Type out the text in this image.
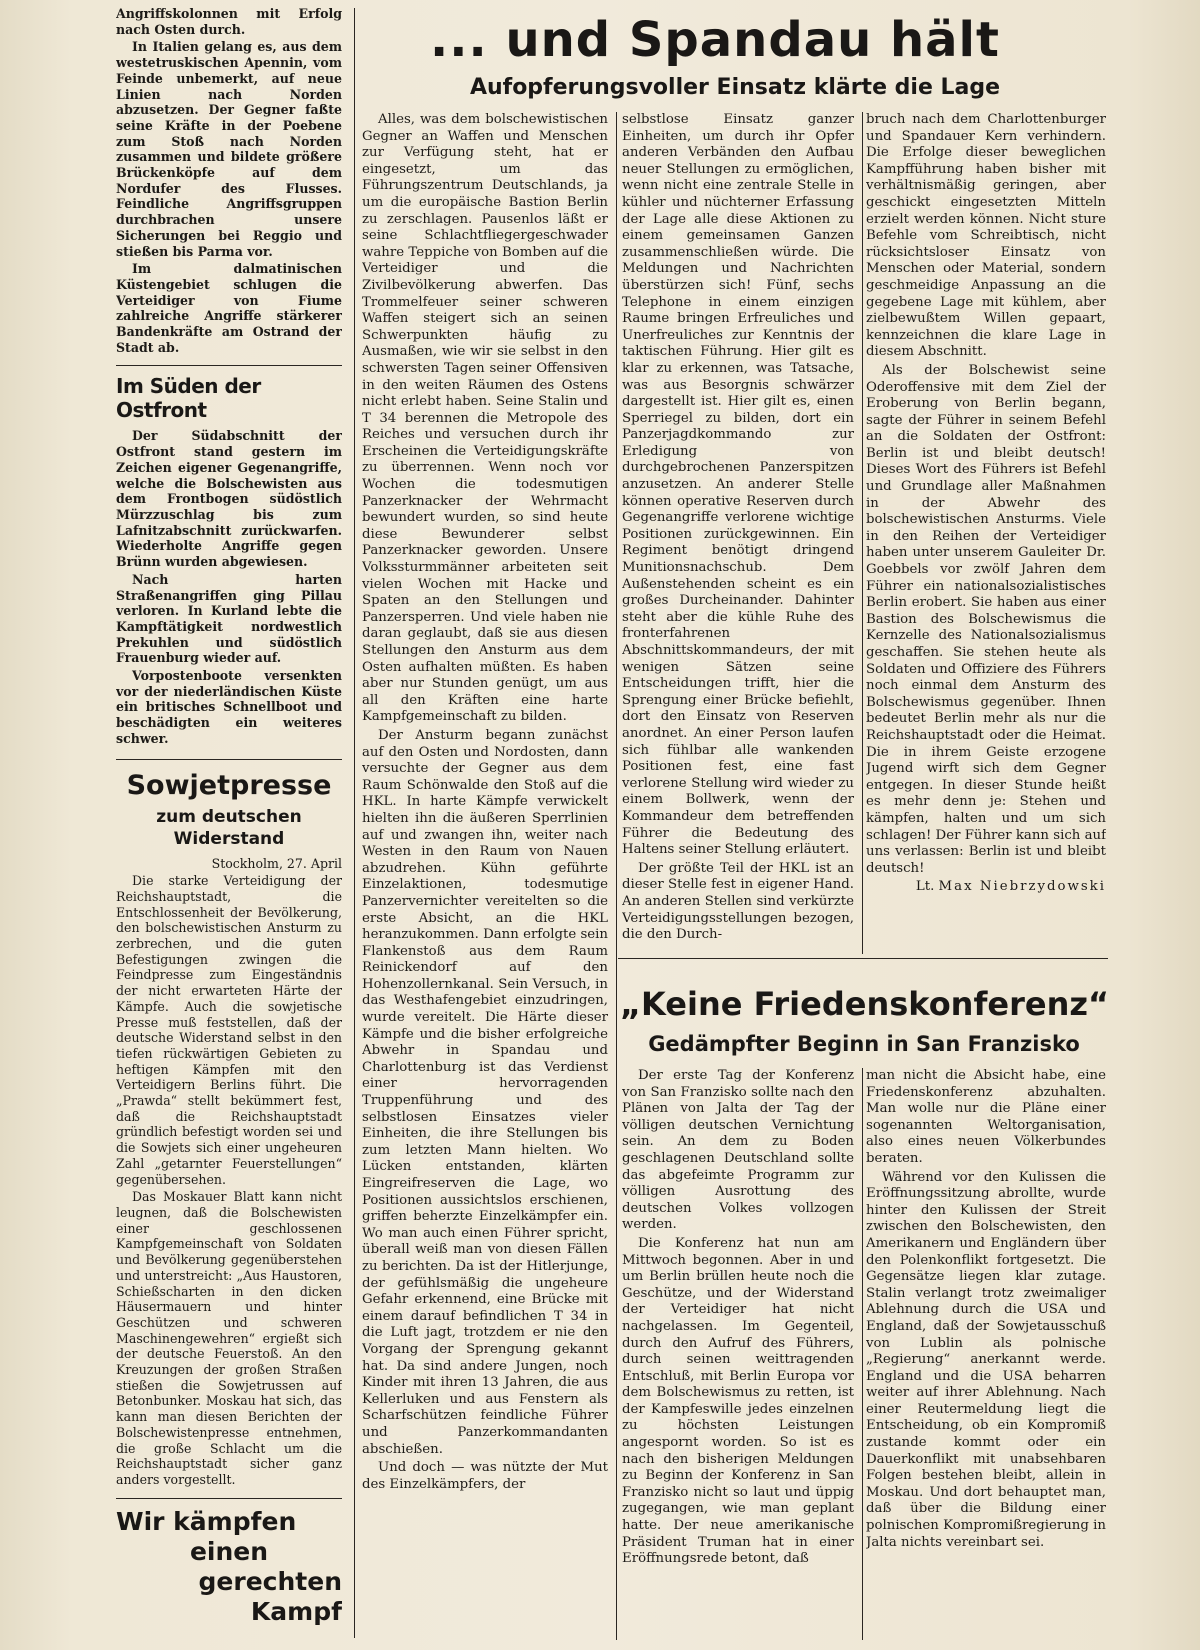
Angriffskolonnen mit Erfolg nach Osten durch.

In Italien gelang es, aus dem westetruskischen Apennin, vom Feinde unbemerkt, auf neue Linien nach Norden abzusetzen. Der Gegner faßte seine Kräfte in der Poebene zum Stoß nach Norden zusammen und bildete größere Brückenköpfe auf dem Nordufer des Flusses. Feindliche Angriffsgruppen durchbrachen unsere Sicherungen bei Reggio und stießen bis Parma vor.

Im dalmatinischen Küstengebiet schlugen die Verteidiger von Fiume zahlreiche Angriffe stärkerer Bandenkräfte am Ostrand der Stadt ab.

Im Süden der Ostfront

Der Südabschnitt der Ostfront stand gestern im Zeichen eigener Gegenangriffe, welche die Bolschewisten aus dem Frontbogen südöstlich Mürzzuschlag bis zum Lafnitzabschnitt zurückwarfen. Wiederholte Angriffe gegen Brünn wurden abgewiesen.

Nach harten Straßenangriffen ging Pillau verloren. In Kurland lebte die Kampftätigkeit nordwestlich Prekuhlen und südöstlich Frauenburg wieder auf.

Vorpostenboote versenkten vor der niederländischen Küste ein britisches Schnellboot und beschädigten ein weiteres schwer.

Sowjetpresse
zum deutschen Widerstand

Stockholm, 27. April

Die starke Verteidigung der Reichshauptstadt, die Entschlossenheit der Bevölkerung, den bolschewistischen Ansturm zu zerbrechen, und die guten Befestigungen zwingen die Feindpresse zum Eingeständnis der nicht erwarteten Härte der Kämpfe. Auch die sowjetische Presse muß feststellen, daß der deutsche Widerstand selbst in den tiefen rückwärtigen Gebieten zu heftigen Kämpfen mit den Verteidigern Berlins führt. Die „Prawda“ stellt bekümmert fest, daß die Reichshauptstadt gründlich befestigt worden sei und die Sowjets sich einer ungeheuren Zahl „getarnter Feuerstellungen“ gegenübersehen.

Das Moskauer Blatt kann nicht leugnen, daß die Bolschewisten einer geschlossenen Kampfgemeinschaft von Soldaten und Bevölkerung gegenüberstehen und unterstreicht: „Aus Haustoren, Schießscharten in den dicken Häusermauern und hinter Geschützen und schweren Maschinengewehren“ ergießt sich der deutsche Feuerstoß. An den Kreuzungen der großen Straßen stießen die Sowjetrussen auf Betonbunker. Moskau hat sich, das kann man diesen Berichten der Bolschewistenpresse entnehmen, die große Schlacht um die Reichshauptstadt sicher ganz anders vorgestellt.

Wir kämpfen
einen
gerechten Kampf
... und Spandau hält
Aufopferungsvoller Einsatz klärte die Lage

Alles, was dem bolschewistischen Gegner an Waffen und Menschen zur Verfügung steht, hat er eingesetzt, um das Führungszentrum Deutschlands, ja um die europäische Bastion Berlin zu zerschlagen. Pausenlos läßt er seine Schlachtfliegergeschwader wahre Teppiche von Bomben auf die Verteidiger und die Zivilbevölkerung abwerfen. Das Trommelfeuer seiner schweren Waffen steigert sich an seinen Schwerpunkten häufig zu Ausmaßen, wie wir sie selbst in den schwersten Tagen seiner Offensiven in den weiten Räumen des Ostens nicht erlebt haben. Seine Stalin und T 34 berennen die Metropole des Reiches und versuchen durch ihr Erscheinen die Verteidigungskräfte zu überrennen. Wenn noch vor Wochen die todesmutigen Panzerknacker der Wehrmacht bewundert wurden, so sind heute diese Bewunderer selbst Panzerknacker geworden. Unsere Volkssturmmänner arbeiteten seit vielen Wochen mit Hacke und Spaten an den Stellungen und Panzersperren. Und viele haben nie daran geglaubt, daß sie aus diesen Stellungen den Ansturm aus dem Osten aufhalten müßten. Es haben aber nur Stunden genügt, um aus all den Kräften eine harte Kampfgemeinschaft zu bilden.

Der Ansturm begann zunächst auf den Osten und Nordosten, dann versuchte der Gegner aus dem Raum Schönwalde den Stoß auf die HKL. In harte Kämpfe verwickelt hielten ihn die äußeren Sperrlinien auf und zwangen ihn, weiter nach Westen in den Raum von Nauen abzudrehen. Kühn geführte Einzelaktionen, todesmutige Panzervernichter vereitelten so die erste Absicht, an die HKL heranzukommen. Dann erfolgte sein Flankenstoß aus dem Raum Reinickendorf auf den Hohenzollernkanal. Sein Versuch, in das Westhafengebiet einzudringen, wurde vereitelt. Die Härte dieser Kämpfe und die bisher erfolgreiche Abwehr in Spandau und Charlottenburg ist das Verdienst einer hervorragenden Truppenführung und des selbstlosen Einsatzes vieler Einheiten, die ihre Stellungen bis zum letzten Mann hielten. Wo Lücken entstanden, klärten Eingreifreserven die Lage, wo Positionen aussichtslos erschienen, griffen beherzte Einzelkämpfer ein. Wo man auch einen Führer spricht, überall weiß man von diesen Fällen zu berichten. Da ist der Hitlerjunge, der gefühlsmäßig die ungeheure Gefahr erkennend, eine Brücke mit einem darauf befindlichen T 34 in die Luft jagt, trotzdem er nie den Vorgang der Sprengung gekannt hat. Da sind andere Jungen, noch Kinder mit ihren 13 Jahren, die aus Kellerluken und aus Fenstern als Scharfschützen feindliche Führer und Panzerkommandanten abschießen.

Und doch — was nützte der Mut des Einzelkämpfers, der

selbstlose Einsatz ganzer Einheiten, um durch ihr Opfer anderen Verbänden den Aufbau neuer Stellungen zu ermöglichen, wenn nicht eine zentrale Stelle in kühler und nüchterner Erfassung der Lage alle diese Aktionen zu einem gemeinsamen Ganzen zusammenschließen würde. Die Meldungen und Nachrichten überstürzen sich! Fünf, sechs Telephone in einem einzigen Raume bringen Erfreuliches und Unerfreuliches zur Kenntnis der taktischen Führung. Hier gilt es klar zu erkennen, was Tatsache, was aus Besorgnis schwärzer dargestellt ist. Hier gilt es, einen Sperriegel zu bilden, dort ein Panzerjagdkommando zur Erledigung von durchgebrochenen Panzerspitzen anzusetzen. An anderer Stelle können operative Reserven durch Gegenangriffe verlorene wichtige Positionen zurückgewinnen. Ein Regiment benötigt dringend Munitionsnachschub. Dem Außenstehenden scheint es ein großes Durcheinander. Dahinter steht aber die kühle Ruhe des fronterfahrenen Abschnittskommandeurs, der mit wenigen Sätzen seine Entscheidungen trifft, hier die Sprengung einer Brücke befiehlt, dort den Einsatz von Reserven anordnet. An einer Person laufen sich fühlbar alle wankenden Positionen fest, eine fast verlorene Stellung wird wieder zu einem Bollwerk, wenn der Kommandeur dem betreffenden Führer die Bedeutung des Haltens seiner Stellung erläutert.

Der größte Teil der HKL ist an dieser Stelle fest in eigener Hand. An anderen Stellen sind verkürzte Verteidigungsstellungen bezogen, die den Durch-

bruch nach dem Charlottenburger und Spandauer Kern verhindern. Die Erfolge dieser beweglichen Kampfführung haben bisher mit verhältnismäßig geringen, aber geschickt eingesetzten Mitteln erzielt werden können. Nicht sture Befehle vom Schreibtisch, nicht rücksichtsloser Einsatz von Menschen oder Material, sondern geschmeidige Anpassung an die gegebene Lage mit kühlem, aber zielbewußtem Willen gepaart, kennzeichnen die klare Lage in diesem Abschnitt.

Als der Bolschewist seine Oderoffensive mit dem Ziel der Eroberung von Berlin begann, sagte der Führer in seinem Befehl an die Soldaten der Ostfront: Berlin ist und bleibt deutsch! Dieses Wort des Führers ist Befehl und Grundlage aller Maßnahmen in der Abwehr des bolschewistischen Ansturms. Viele in den Reihen der Verteidiger haben unter unserem Gauleiter Dr. Goebbels vor zwölf Jahren dem Führer ein nationalsozialistisches Berlin erobert. Sie haben aus einer Bastion des Bolschewismus die Kernzelle des Nationalsozialismus geschaffen. Sie stehen heute als Soldaten und Offiziere des Führers noch einmal dem Ansturm des Bolschewismus gegenüber. Ihnen bedeutet Berlin mehr als nur die Reichshauptstadt oder die Heimat. Die in ihrem Geiste erzogene Jugend wirft sich dem Gegner entgegen. In dieser Stunde heißt es mehr denn je: Stehen und kämpfen, halten und um sich schlagen! Der Führer kann sich auf uns verlassen: Berlin ist und bleibt deutsch!

Lt. Max Niebrzydowski

„Keine Friedenskonferenz“
Gedämpfter Beginn in San Franzisko

Der erste Tag der Konferenz von San Franzisko sollte nach den Plänen von Jalta der Tag der völligen deutschen Vernichtung sein. An dem zu Boden geschlagenen Deutschland sollte das abgefeimte Programm zur völligen Ausrottung des deutschen Volkes vollzogen werden.

Die Konferenz hat nun am Mittwoch begonnen. Aber in und um Berlin brüllen heute noch die Geschütze, und der Widerstand der Verteidiger hat nicht nachgelassen. Im Gegenteil, durch den Aufruf des Führers, durch seinen weittragenden Entschluß, mit Berlin Europa vor dem Bolschewismus zu retten, ist der Kampfeswille jedes einzelnen zu höchsten Leistungen angespornt worden. So ist es nach den bisherigen Meldungen zu Beginn der Konferenz in San Franzisko nicht so laut und üppig zugegangen, wie man geplant hatte. Der neue amerikanische Präsident Truman hat in einer Eröffnungsrede betont, daß

man nicht die Absicht habe, eine Friedenskonferenz abzuhalten. Man wolle nur die Pläne einer sogenannten Weltorganisation, also eines neuen Völkerbundes beraten.

Während vor den Kulissen die Eröffnungssitzung abrollte, wurde hinter den Kulissen der Streit zwischen den Bolschewisten, den Amerikanern und Engländern über den Polenkonflikt fortgesetzt. Die Gegensätze liegen klar zutage. Stalin verlangt trotz zweimaliger Ablehnung durch die USA und England, daß der Sowjetausschuß von Lublin als polnische „Regierung“ anerkannt werde. England und die USA beharren weiter auf ihrer Ablehnung. Nach einer Reutermeldung liegt die Entscheidung, ob ein Kompromiß zustande kommt oder ein Dauerkonflikt mit unabsehbaren Folgen bestehen bleibt, allein in Moskau. Und dort behauptet man, daß über die Bildung einer polnischen Kompromißregierung in Jalta nichts vereinbart sei.
